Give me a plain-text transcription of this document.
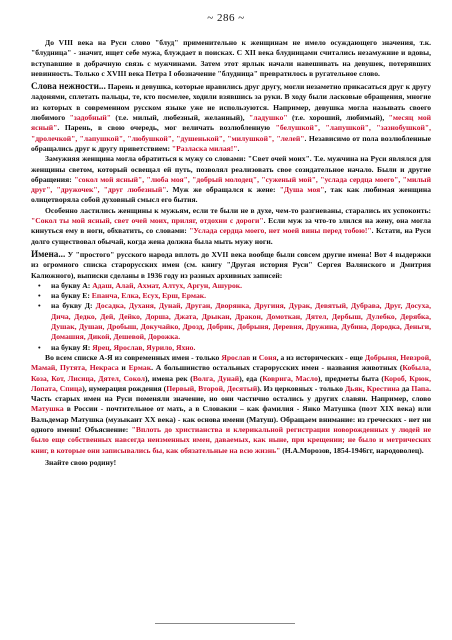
~ 286 ~

До VIII века на Руси слово "блуд" применительно к женщинам не имело осуждающего значения, т.к. "блудница" - значит, ищет себе мужа, блуждает в поисках. С XII века блудницами считались незамужние и вдовы, вступавшие в добрачную связь с мужчинами. Затем этот ярлык начали навешивать на девушек, потерявших невинность. Только с XVIII века Петра I обозначение "блудница" превратилось в ругательное слово.

Слова нежности... Парень и девушка, которые нравились друг другу, могли незаметно прикасаться друг к другу ладонями, сплетать пальцы, те, кто посмелее, ходили взявшись за руки. В ходу были ласковые обращения, многие из которых в современном русском языке уже не используются. Например, девушка могла называть своего любимого "задобный" (т.е. милый, любезный, желанный), "ладушко" (т.е. хороший, любимый), "месяц мой ясный". Парень, в свою очередь, мог величать возлюбленную "белушкой", "лапушкой", "зазнобушкой", "дролечкой", "лапушкой", "любушкой", "душенькой", "милушкой", "лелей". Независимо от пола возлюбленные обращались друг к другу приветствием: "Разласка милая!".

Замужняя женщина могла обратиться к мужу со словами: "Свет очей моих". Т.е. мужчина на Руси являлся для женщины светом, который освещал ей путь, позволял реализовать свое созидательное начало. Были и другие обращения: "сокол мой ясный", "люба моя", "добрый молодец", "суженый мой", "услада сердца моего", "милый друг", "дружочек", "друг любезный". Муж же обращался к жене: "Душа моя", так как любимая женщина олицетворяла собой духовный смысл его бытия.

Особенно ластились женщины к мужьям, если те были не в духе, чем-то разгневаны, старались их успокоить: "Сокол ты мой ясный, свет очей моих, приляг, отдохни с дороги". Если муж за что-то злился на жену, она могла кинуться ему в ноги, обхватить, со словами: "Услада сердца моего, нет моей вины перед тобою!". Кстати, на Руси долго существовал обычай, когда жена должна была мыть мужу ноги.

Имена... У "простого" русского народа вплоть до XVII века вообще были совсем другие имена! Вот 4 выдержки из огромного списка старорусских имен (см. книгу "Другая история Руси" Сергея Валянского и Дмитрия Калюжного), выписки сделаны в 1936 году из разных архивных записей:

• на букву А: Адаш, Алай, Ахмат, Алтух, Аргун, Ашурок.
• на букву Е: Епанча, Елка, Есух, Ерш, Ермак.
• на букву Д: Досадка, Духаня, Дунай, Друган, Дворянка, Другиня, Дурак, Девятый, Дубрава, Друг, Досуха, Дича, Дедко, Дей, Дейко, Дорша, Джата, Дрыкан, Дракон, Домоткан, Дятел, Дербыш, Дулебко, Дерябка, Душак, Душан, Дробыш, Докучайко, Дрозд, Добрик, Добрыня, Деревня, Дружина, Дубина, Дородка, Деньги, Домашня, Дикой, Дешевой, Дорожка.
• на букву Я: Ярец, Ярослав, Яурило, Яхно.

Во всем списке А-Я из современных имен - только Ярослав и Соня, а из исторических - еще Добрыня, Невзрой, Мамай, Путята, Некраса и Ермак. А большинство остальных старорусских имен - названия животных (Кобыла, Коза, Кот, Лисица, Дятел, Сокол), имена рек (Волга, Дунай), еда (Ковригa, Масло), предметы быта (Короб, Крюк, Лопата, Спица), нумерация рождения (Первый, Второй, Десятый). Из церковных - только Дьяк, Крестина да Папа. Часть старых имен на Руси поменяли значение, но они частично остались у других славян. Например, слово Матушка в России - почтительное от мать, а в Словакии – как фамилия - Янко Матушка (поэт XIX века) или Вальдемар Матушка (музыкант XX века) - как основа имени (Матуш). Обращаем внимание: из греческих - нет ни одного имени! Объяснение: "Вплоть до христианства и клерикальной регистрации новорожденных у людей не было еще собственных навсегда неизменных имен, даваемых, как ныне, при крещении; не было и метрических книг, в которые они записывались бы, как обязательные на всю жизнь" (Н.А.Морозов, 1854-1946гг, народоволец).

Знайте свою родину!
